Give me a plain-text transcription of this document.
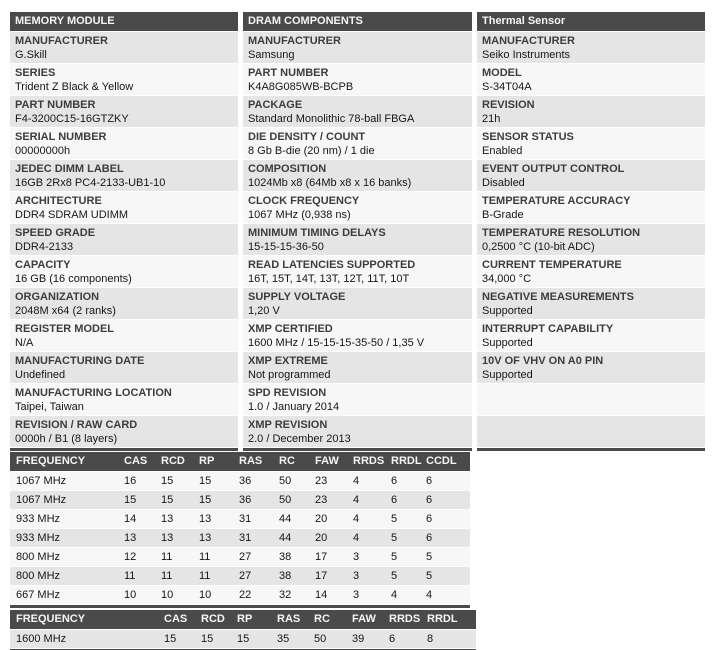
MEMORY MODULE
MANUFACTURER
G.Skill
SERIES
Trident Z Black & Yellow
PART NUMBER
F4-3200C15-16GTZKY
SERIAL NUMBER
00000000h
JEDEC DIMM LABEL
16GB 2Rx8 PC4-2133-UB1-10
ARCHITECTURE
DDR4 SDRAM UDIMM
SPEED GRADE
DDR4-2133
CAPACITY
16 GB (16 components)
ORGANIZATION
2048M x64 (2 ranks)
REGISTER MODEL
N/A
MANUFACTURING DATE
Undefined
MANUFACTURING LOCATION
Taipei, Taiwan
REVISION / RAW CARD
0000h / B1 (8 layers)
DRAM COMPONENTS
MANUFACTURER
Samsung
PART NUMBER
K4A8G085WB-BCPB
PACKAGE
Standard Monolithic 78-ball FBGA
DIE DENSITY / COUNT
8 Gb B-die (20 nm) / 1 die
COMPOSITION
1024Mb x8 (64Mb x8 x 16 banks)
CLOCK FREQUENCY
1067 MHz (0,938 ns)
MINIMUM TIMING DELAYS
15-15-15-36-50
READ LATENCIES SUPPORTED
16T, 15T, 14T, 13T, 12T, 11T, 10T
SUPPLY VOLTAGE
1,20 V
XMP CERTIFIED
1600 MHz / 15-15-15-35-50 / 1,35 V
XMP EXTREME
Not programmed
SPD REVISION
1.0 / January 2014
XMP REVISION
2.0 / December 2013
Thermal Sensor
MANUFACTURER
Seiko Instruments
MODEL
S-34T04A
REVISION
21h
SENSOR STATUS
Enabled
EVENT OUTPUT CONTROL
Disabled
TEMPERATURE ACCURACY
B-Grade
TEMPERATURE RESOLUTION
0,2500 °C (10-bit ADC)
CURRENT TEMPERATURE
34,000 °C
NEGATIVE MEASUREMENTS
Supported
INTERRUPT CAPABILITY
Supported
10V OF VHV ON A0 PIN
Supported
FREQUENCY	CAS	RCD	RP	RAS	RC	FAW	RRDS RRDL CCDL
1067 MHz	16	15	15	36	50	23	4	6	6
1067 MHz	15	15	15	36	50	23	4	6	6
933 MHz	14	13	13	31	44	20	4	5	6
933 MHz	13	13	13	31	44	20	4	5	6
800 MHz	12	11	11	27	38	17	3	5	5
800 MHz	11	11	11	27	38	17	3	5	5
667 MHz	10	10	10	22	32	14	3	4	4
FREQUENCY	CAS	RCD	RP	RAS	RC	FAW	RRDS RRDL
1600 MHz	15	15	15	35	50	39	6	8
